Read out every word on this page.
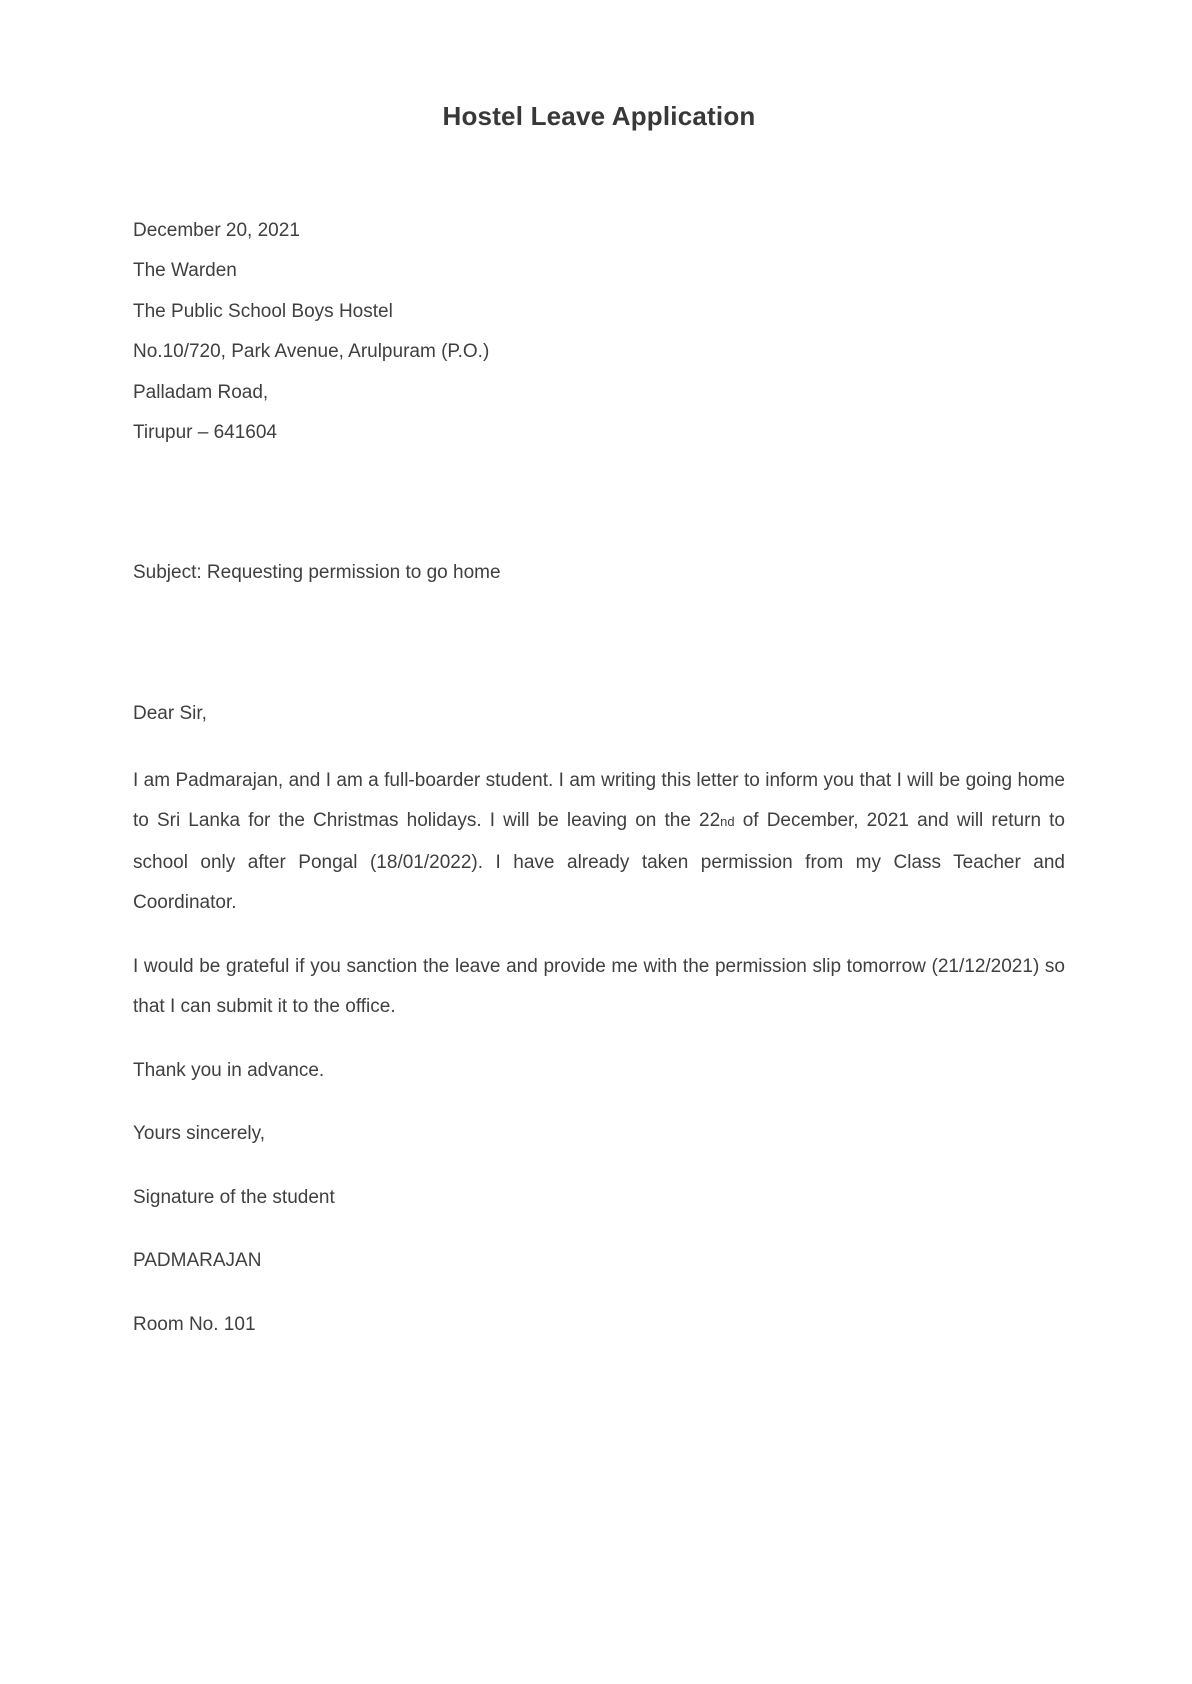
Hostel Leave Application

December 20, 2021

The Warden

The Public School Boys Hostel

No.10/720, Park Avenue, Arulpuram (P.O.)

Palladam Road,

Tirupur – 641604

Subject: Requesting permission to go home

Dear Sir,

I am Padmarajan, and I am a full-boarder student. I am writing this letter to inform you that I will be going home to Sri Lanka for the Christmas holidays. I will be leaving on the 22nd of December, 2021 and will return to school only after Pongal (18/01/2022). I have already taken permission from my Class Teacher and Coordinator.

I would be grateful if you sanction the leave and provide me with the permission slip tomorrow (21/12/2021) so that I can submit it to the office.

Thank you in advance.

Yours sincerely,

Signature of the student

PADMARAJAN

Room No. 101
